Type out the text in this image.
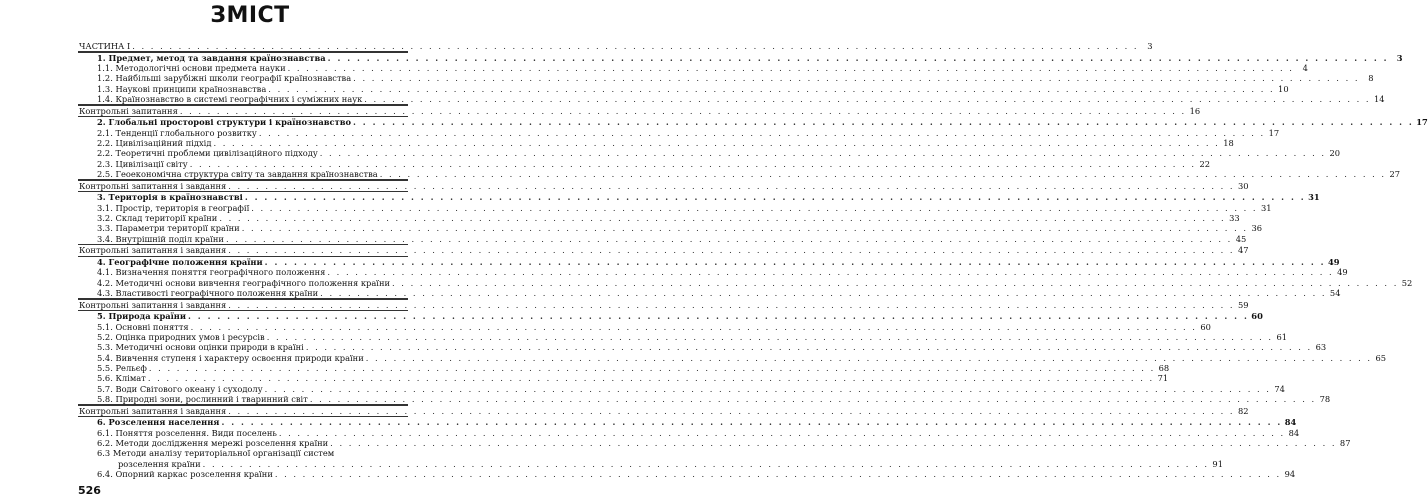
ЗМІСТ
ЧАСТИНА І . . .	3
1. Предмет, метод та завдання країнознавства . . .	3
1.1. Методологічні основи предмета науки . . .	4
1.2. Найбільші зарубіжні школи географії країнознавства . . .	8
1.3. Наукові принципи країнознавства . . .	10
1.4. Країнознавство в системі географічних і суміжних наук . . .	14
Контрольні запитання . . .	16
2. Глобальні просторові структури і країнознавство . . .	17
2.1. Тенденції глобального розвитку . . .	17
2.2. Цивілізаційний підхід . . .	18
2.2. Теоретичні проблеми цивілізаційного підходу . . .	20
2.3. Цивілізації світу . . .	22
2.5. Геоекономічна структура світу та завдання країнознавства . . .	27
Контрольні запитання і завдання . . .	30
3. Територія в країнознавстві . . .	31
3.1. Простір, територія в географії . . .	31
3.2. Склад території країни . . .	33
3.3. Параметри території країни . . .	36
3.4. Внутрішній поділ країни . . .	45
Контрольні запитання і завдання . . .	47
4. Географічне положення країни . . .	49
4.1. Визначення поняття географічного положення . . .	49
4.2. Методичні основи вивчення географічного положення країни . . .	52
4.3. Властивості географічного положення країни . . .	54
Контрольні запитання і завдання . . .	59
5. Природа країни . . .	60
5.1. Основні поняття . . .	60
5.2. Оцінка природних умов і ресурсів . . .	61
5.3. Методичні основи оцінки природи в країні . . .	63
5.4. Вивчення ступеня і характеру освоєння природи країни . . .	65
5.5. Рельєф . . .	68
5.6. Клімат . . .	71
5.7. Води Світового океану і суходолу . . .	74
5.8. Природні зони, рослинний і тваринний світ . . .	78
Контрольні запитання і завдання . . .	82
6. Розселення населення . . .	84
6.1. Поняття розселення. Види поселень . . .	84
6.2. Методи дослідження мережі розселення країни . . .	87
6.3 Методи аналізу територіальної організації систем
розселення країни . . .	91
6.4. Опорний каркас розселення країни . . .	94
526
